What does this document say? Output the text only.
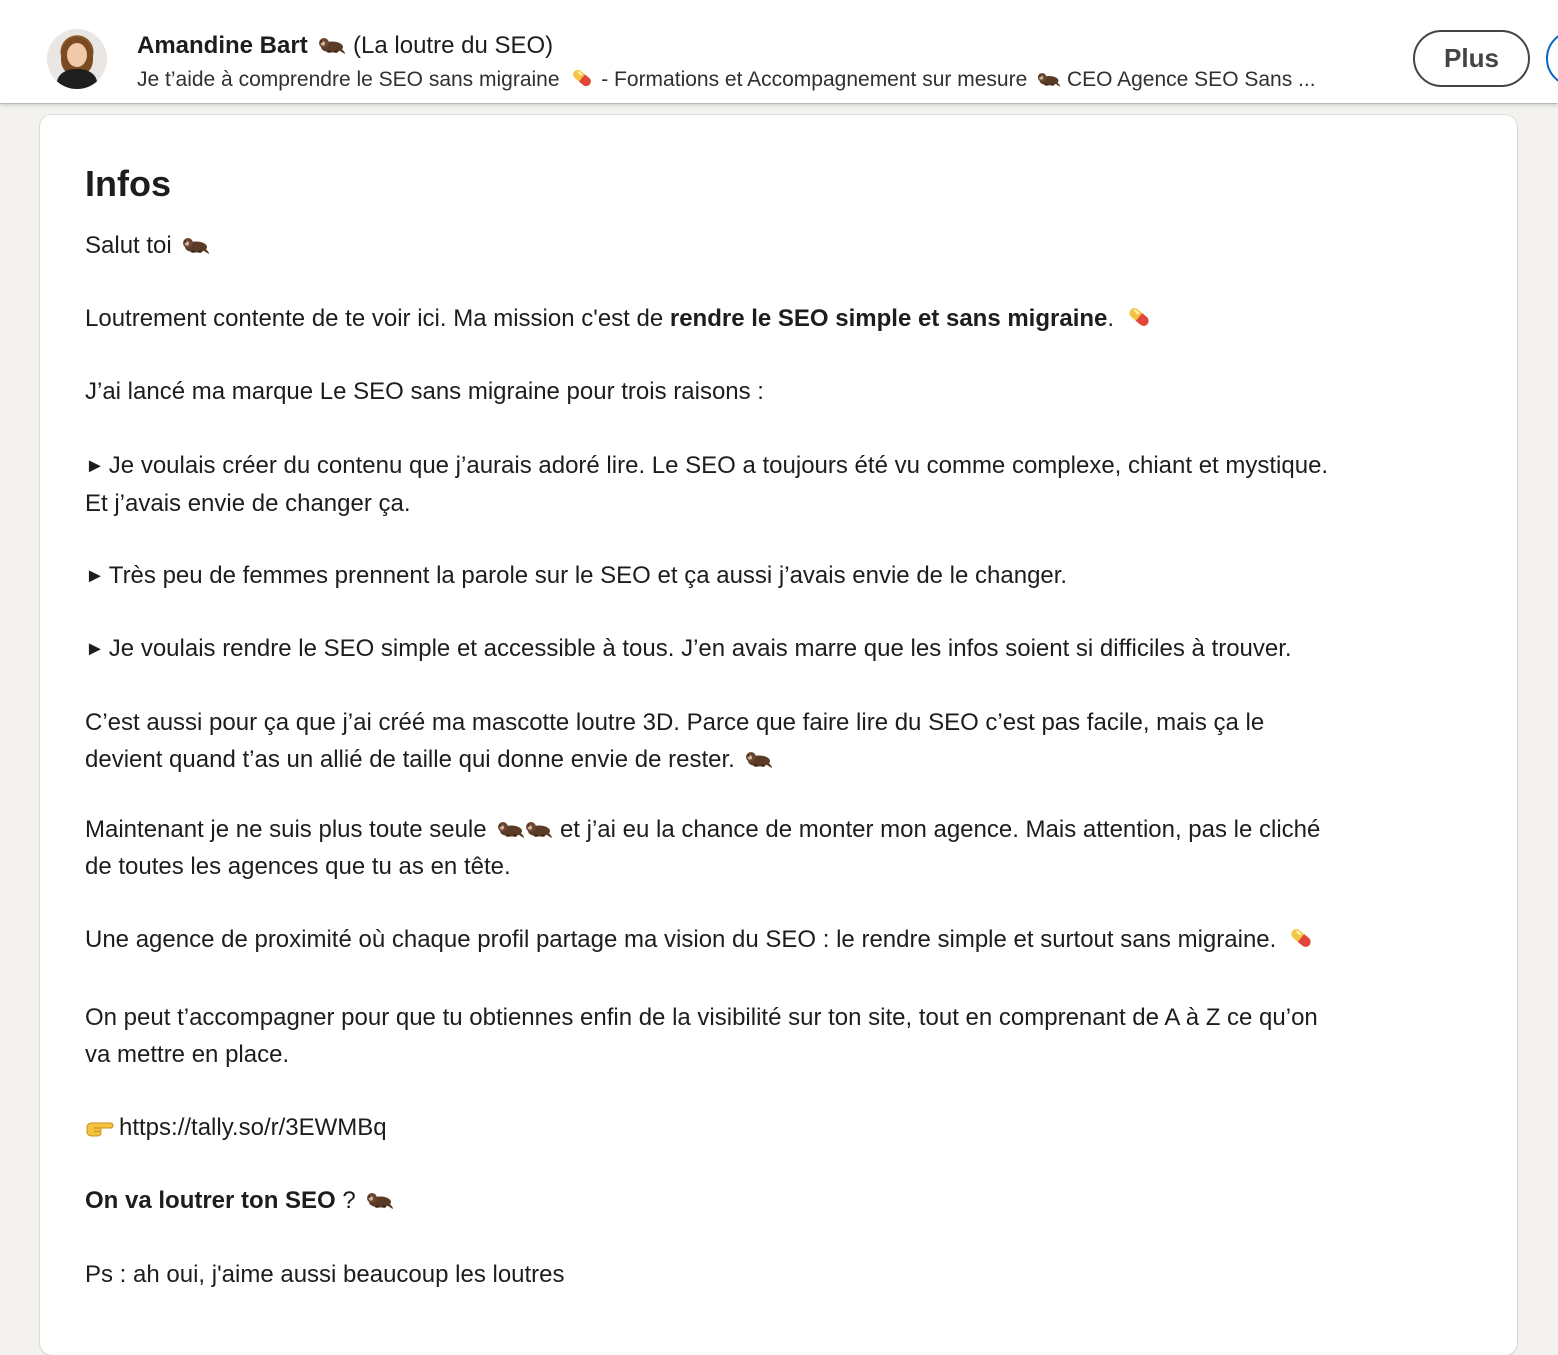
Amandine Bart (La loutre du SEO)
Je t’aide à comprendre le SEO sans migraine - Formations et Accompagnement sur mesure CEO Agence SEO Sans ...
Plus
Infos

Salut toi

Loutrement contente de te voir ici. Ma mission c'est de rendre le SEO simple et sans migraine.

J’ai lancé ma marque Le SEO sans migraine pour trois raisons :

► Je voulais créer du contenu que j’aurais adoré lire. Le SEO a toujours été vu comme complexe, chiant et mystique.
Et j’avais envie de changer ça.

► Très peu de femmes prennent la parole sur le SEO et ça aussi j’avais envie de le changer.

► Je voulais rendre le SEO simple et accessible à tous. J’en avais marre que les infos soient si difficiles à trouver.

C’est aussi pour ça que j’ai créé ma mascotte loutre 3D. Parce que faire lire du SEO c’est pas facile, mais ça le
devient quand t’as un allié de taille qui donne envie de rester.

Maintenant je ne suis plus toute seule	et j’ai eu la chance de monter mon agence. Mais attention, pas le cliché
de toutes les agences que tu as en tête.

Une agence de proximité où chaque profil partage ma vision du SEO : le rendre simple et surtout sans migraine.

On peut t’accompagner pour que tu obtiennes enfin de la visibilité sur ton site, tout en comprenant de A à Z ce qu’on
va mettre en place.

https://tally.so/r/3EWMBq

On va loutrer ton SEO ?

Ps : ah oui, j'aime aussi beaucoup les loutres
